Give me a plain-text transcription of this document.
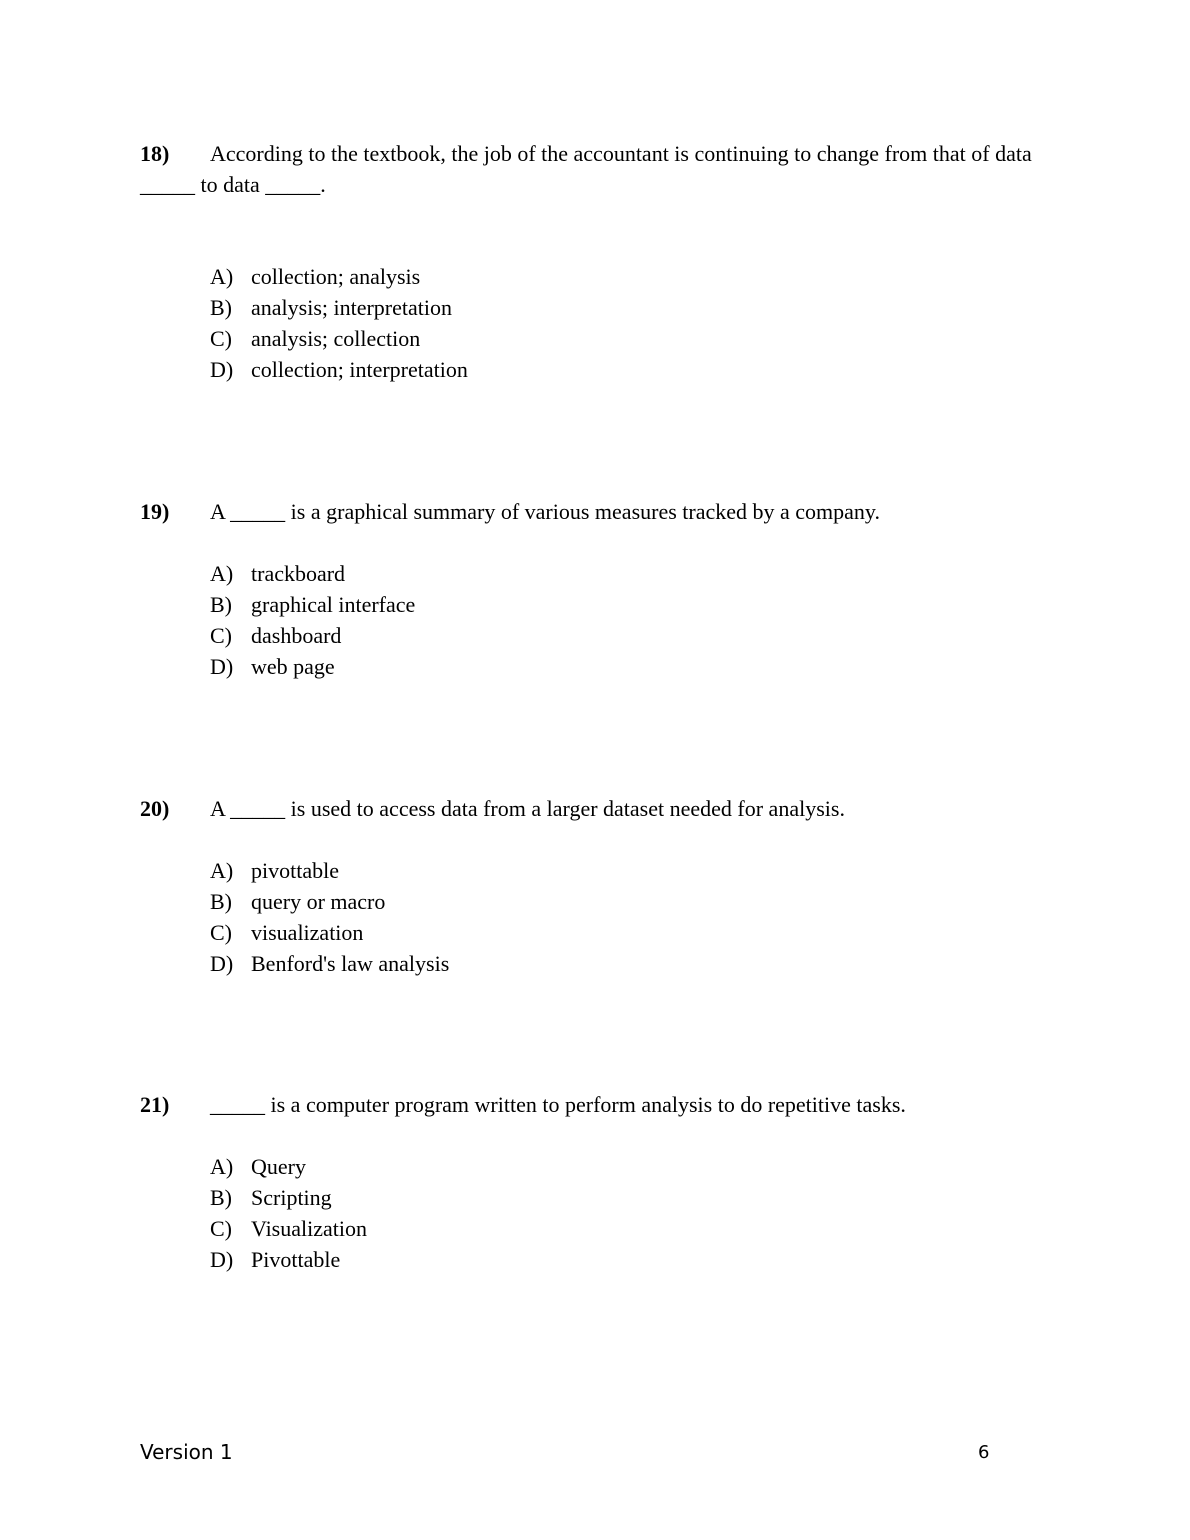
18) According to the textbook, the job of the accountant is continuing to change from that of data _____ to data _____.

A) collection; analysis
B) analysis; interpretation
C) analysis; collection
D) collection; interpretation

19) A _____ is a graphical summary of various measures tracked by a company.

A) trackboard
B) graphical interface
C) dashboard
D) web page

20) A _____ is used to access data from a larger dataset needed for analysis.

A) pivottable
B) query or macro
C) visualization
D) Benford's law analysis

21) _____ is a computer program written to perform analysis to do repetitive tasks.

A) Query
B) Scripting
C) Visualization
D) Pivottable
Version 1	6
